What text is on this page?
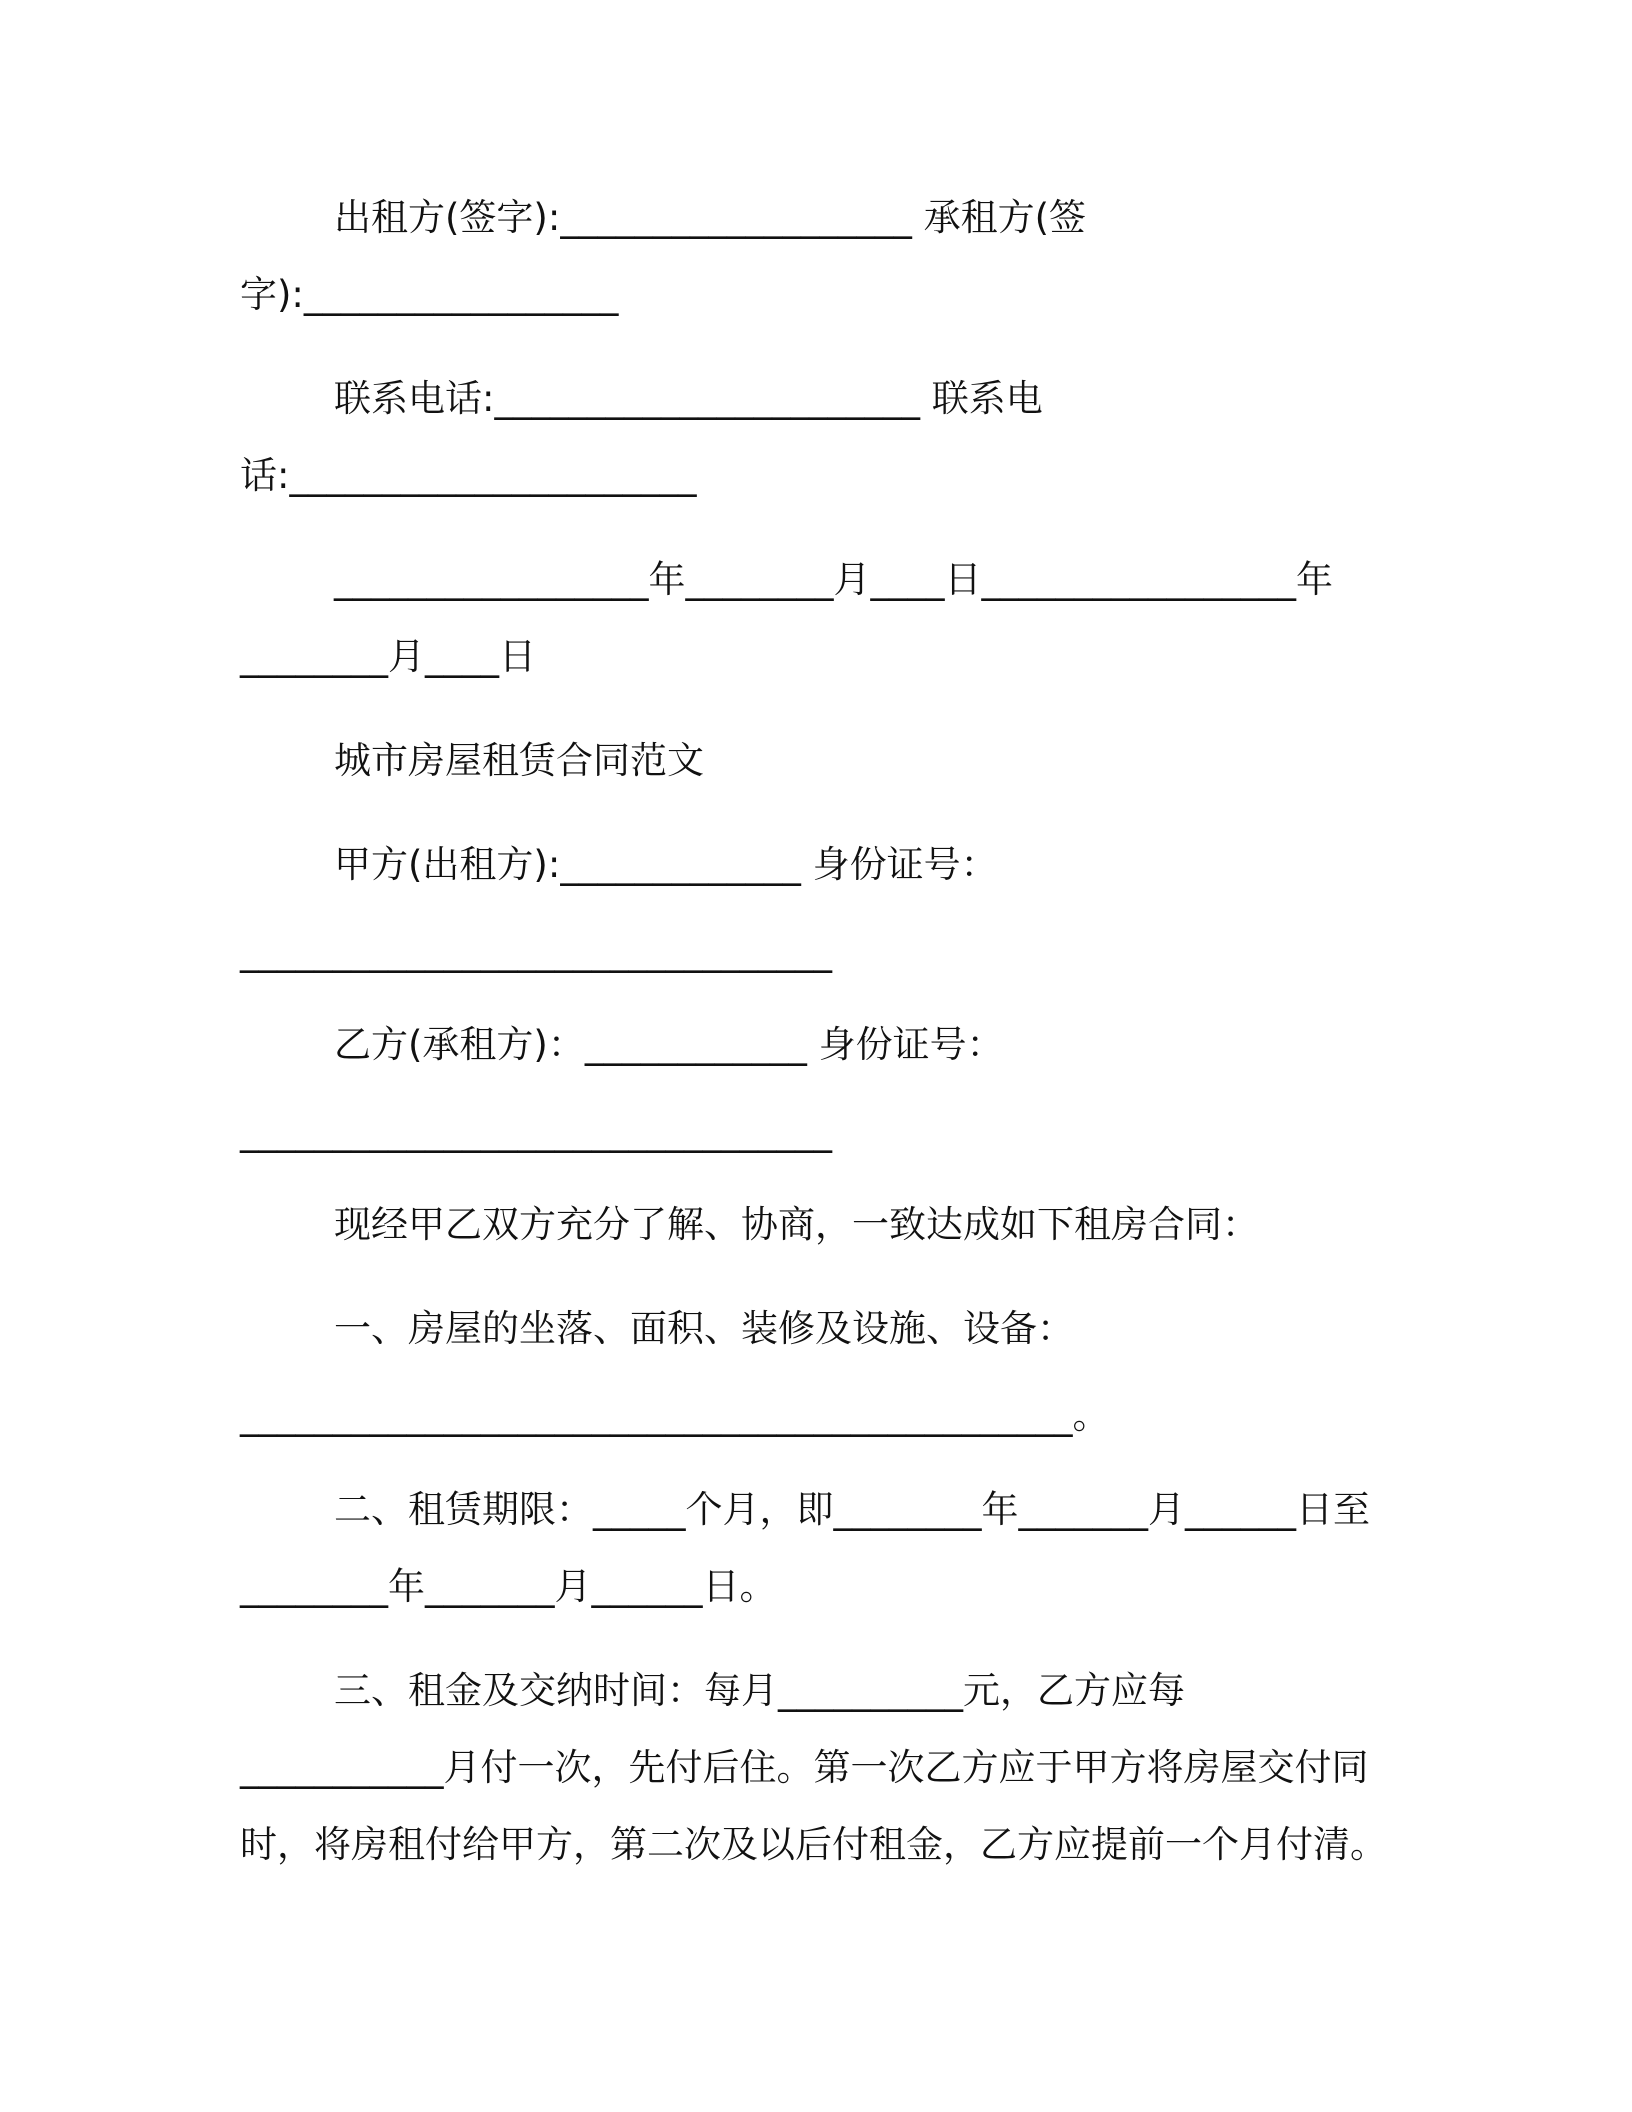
出租方(签字):___________________ 承租方(签
字):_________________
联系电话:_______________________ 联系电
话:______________________
_________________年________月____日_________________年
________月____日
城市房屋租赁合同范文
甲方(出租方):_____________ 身份证号：
________________________________
乙方(承租方)：____________ 身份证号：
________________________________
现经甲乙双方充分了解、协商，一致达成如下租房合同：
一、房屋的坐落、面积、装修及设施、设备：
_____________________________________________。
二、租赁期限：_____个月，即________年_______月______日至
________年_______月______日。
三、租金及交纳时间：每月__________元，乙方应每
___________月付一次，先付后住。第一次乙方应于甲方将房屋交付同
时，将房租付给甲方，第二次及以后付租金，乙方应提前一个月付清。
